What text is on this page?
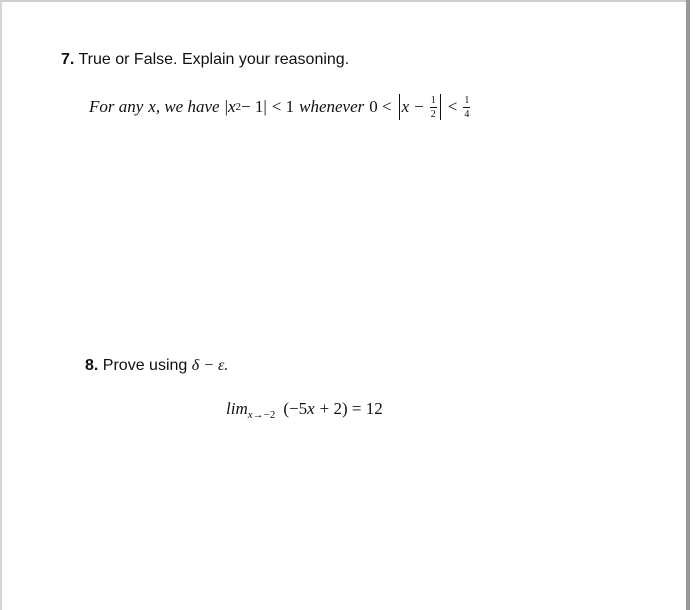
7. True or False. Explain your reasoning.
For any x , we have | x 2 − 1 | < 1 whenever $0 < x - \frac{1}{2} < \frac{1}{4}$
8. Prove using δ − ε.
lim x→−2 (−5 x + 2) = 12
